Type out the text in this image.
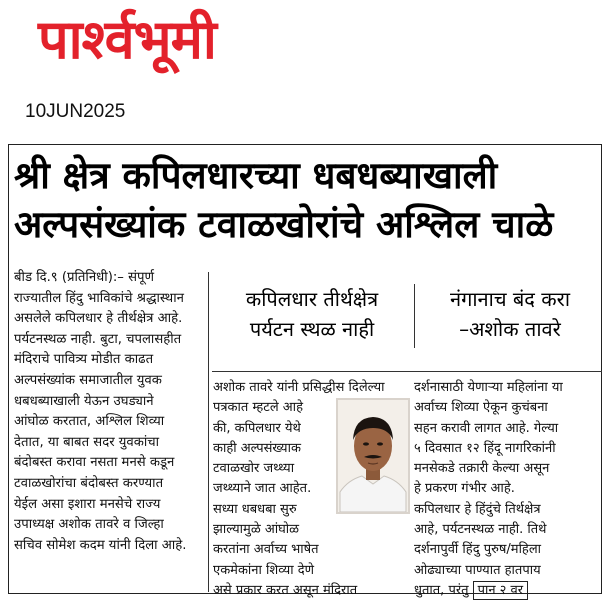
पार्श्वभूमी
10JUN2025
श्री क्षेत्र कपिलधारच्या धबधब्याखाली
अल्पसंख्यांक टवाळखोरांचे अश्लिल चाळे
बीड दि.९ (प्रतिनिधी):– संपूर्ण
राज्यातील हिंदु भाविकांचे श्रद्धास्थान
असलेले कपिलधार हे तीर्थक्षेत्र आहे.
पर्यटनस्थळ नाही. बुटा, चपलासहीत
मंदिराचे पावित्र्य मोडीत काढत
अल्पसंख्यांक समाजातील युवक
धबधब्याखाली येऊन उघड्याने
आंघोळ करतात, अश्लिल शिव्या
देतात, या बाबत सदर युवकांचा
बंदोबस्त करावा नसता मनसे कडून
टवाळखोरांचा बंदोबस्त करण्यात
येईल असा इशारा मनसेचे राज्य
उपाध्यक्ष अशोक तावरे व जिल्हा
सचिव सोमेश कदम यांनी दिला आहे.
कपिलधार तीर्थक्षेत्र
पर्यटन स्थळ नाही
नंगानाच बंद करा
–अशोक तावरे
अशोक तावरे यांनी प्रसिद्धीस दिलेल्या
पत्रकात म्हटले आहे
की, कपिलधार येथे
काही अल्पसंख्याक
टवाळखोर जथ्थ्या
जथ्थ्याने जात आहेत.
सध्या धबधबा सुरु
झाल्यामुळे आंघोळ
करतांना अर्वाच्य भाषेत
एकमेकांना शिव्या देणे
असे प्रकार करत असून मंदिरात
दर्शनासाठी येणाऱ्या महिलांना या
अर्वाच्य शिव्या ऐकून कुचंबना
सहन करावी लागत आहे. गेल्या
५ दिवसात १२ हिंदू नागरिकांनी
मनसेकडे तक्रारी केल्या असून
हे प्रकरण गंभीर आहे.
कपिलधार हे हिंदुंचे तिर्थक्षेत्र
आहे, पर्यटनस्थळ नाही. तिथे
दर्शनापुर्वी हिंदु पुरुष/महिला
ओढ्याच्या पाण्यात हातपाय
धुतात, परंतु पान २ वर
